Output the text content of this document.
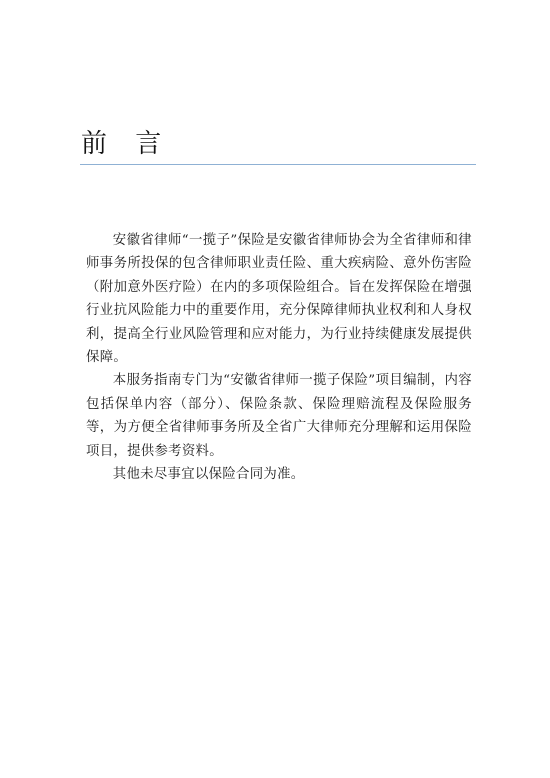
前 言

安徽省律师“一揽子”保险是安徽省律师协会为全省律师和律师事务所投保的包含律师职业责任险、重大疾病险、意外伤害险（附加意外医疗险）在内的多项保险组合。旨在发挥保险在增强行业抗风险能力中的重要作用，充分保障律师执业权利和人身权利，提高全行业风险管理和应对能力，为行业持续健康发展提供保障。

本服务指南专门为“安徽省律师一揽子保险”项目编制，内容包括保单内容（部分）、保险条款、保险理赔流程及保险服务等，为方便全省律师事务所及全省广大律师充分理解和运用保险项目，提供参考资料。

其他未尽事宜以保险合同为准。
